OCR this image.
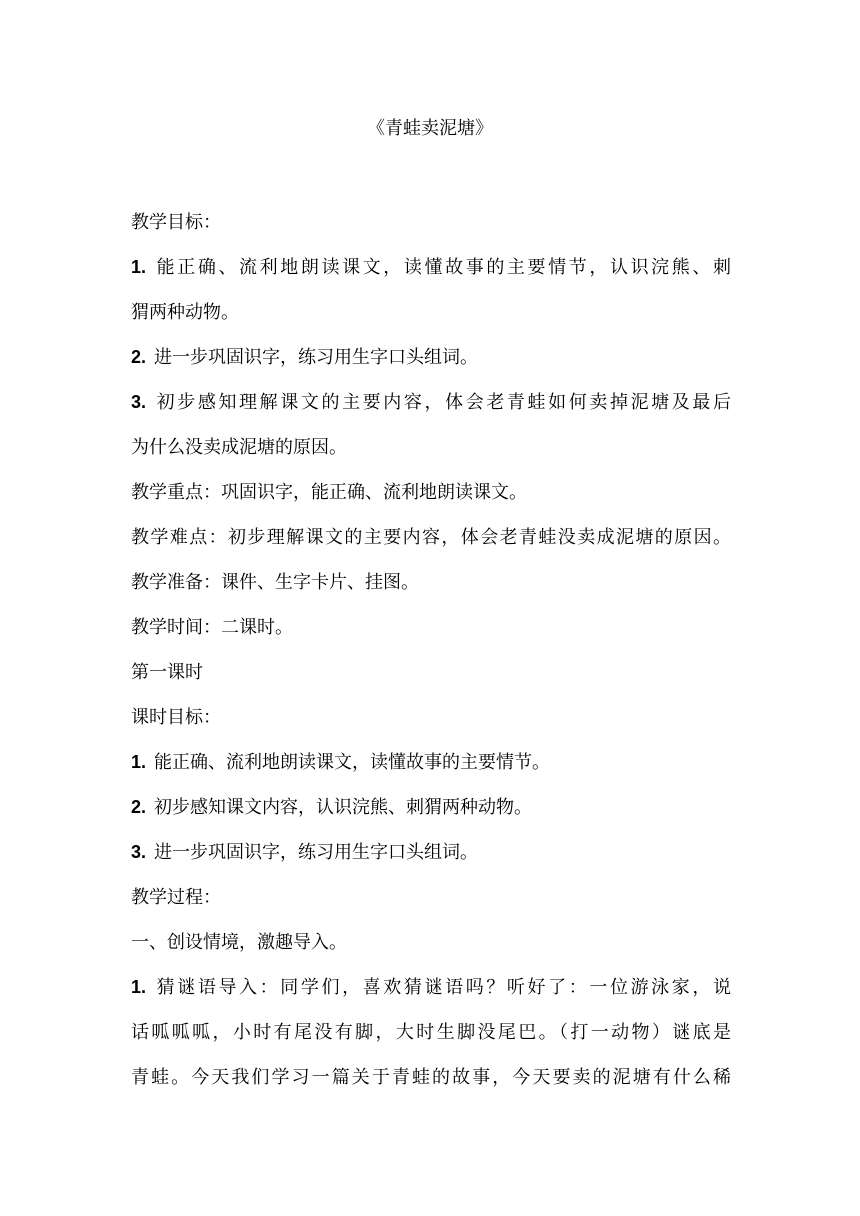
《青蛙卖泥塘》
教学目标：
1. 能正确、流利地朗读课文，读懂故事的主要情节，认识浣熊、刺
猬两种动物。
2. 进一步巩固识字，练习用生字口头组词。
3. 初步感知理解课文的主要内容，体会老青蛙如何卖掉泥塘及最后
为什么没卖成泥塘的原因。
教学重点：巩固识字，能正确、流利地朗读课文。
教学难点：初步理解课文的主要内容，体会老青蛙没卖成泥塘的原因。
教学准备：课件、生字卡片、挂图。
教学时间：二课时。
第一课时
课时目标：
1. 能正确、流利地朗读课文，读懂故事的主要情节。
2. 初步感知课文内容，认识浣熊、刺猬两种动物。
3. 进一步巩固识字，练习用生字口头组词。
教学过程：
一、创设情境，激趣导入。
1. 猜谜语导入：同学们，喜欢猜谜语吗？听好了：一位游泳家，说
话呱呱呱，小时有尾没有脚，大时生脚没尾巴。（打一动物）谜底是
青蛙。今天我们学习一篇关于青蛙的故事，今天要卖的泥塘有什么稀
